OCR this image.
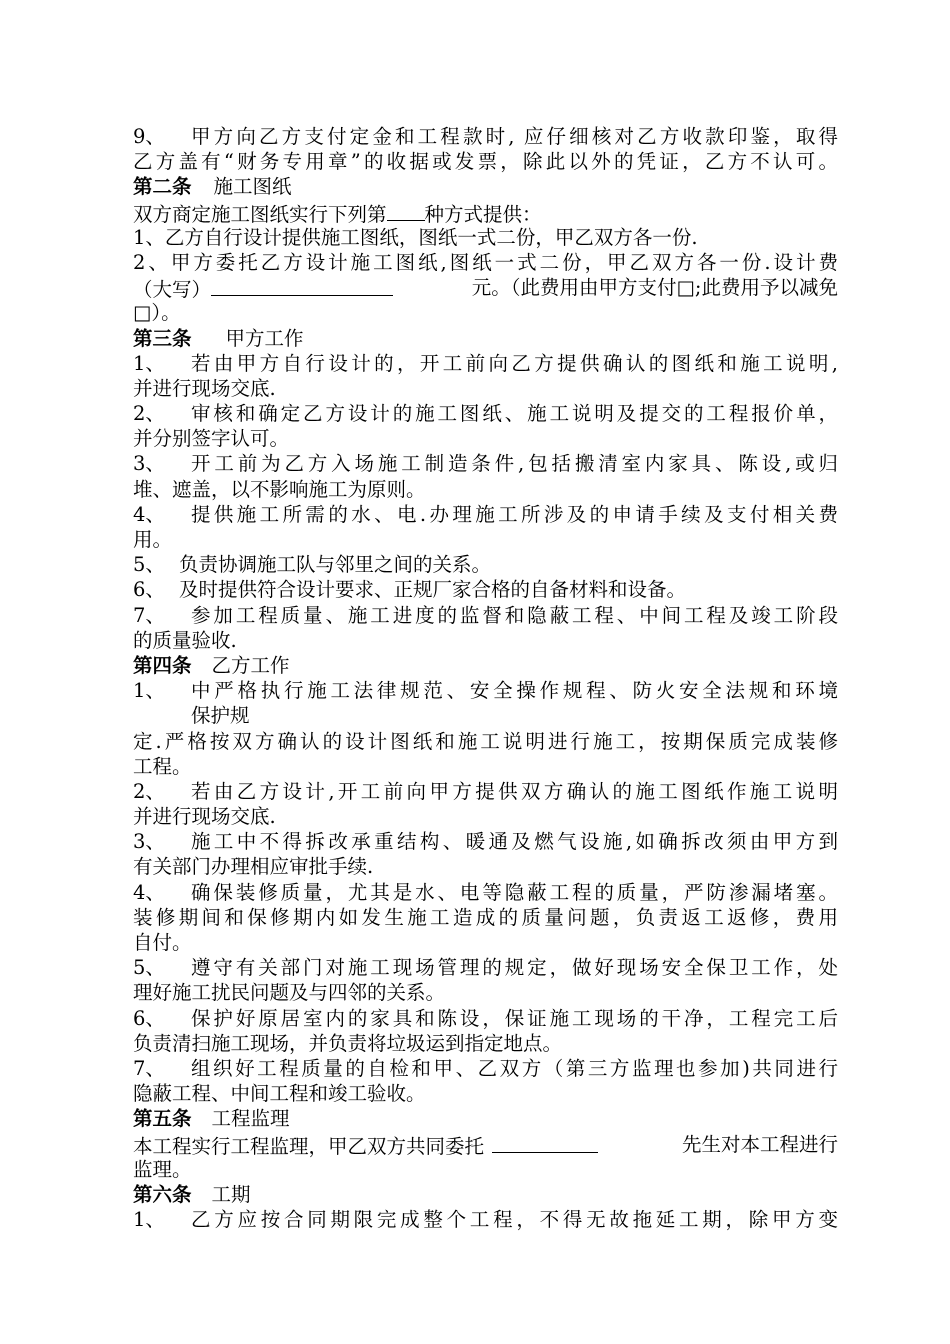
9、	甲方向乙方支付定金和工程款时, 应仔细核对乙方收款印鉴，取得
乙方盖有“财务专用章”的收据或发票，除此以外的凭证，乙方不认可。
第二条 施工图纸
双方商定施工图纸实行下列第 种方式提供：
1、乙方自行设计提供施工图纸，图纸一式二份，甲乙双方各一份.
2、甲方委托乙方设计施工图纸,图纸一式二份，甲乙双方各一份.设计费
（大写）	元。（此费用由甲方支付□;此费用予以减免
□）。
第三条 甲方工作
1、	若由甲方自行设计的，开工前向乙方提供确认的图纸和施工说明,
并进行现场交底.
2、	审核和确定乙方设计的施工图纸、施工说明及提交的工程报价单，
并分别签字认可。
3、	开工前为乙方入场施工制造条件,包括搬清室内家具、陈设,或归
堆、遮盖，以不影响施工为原则。
4、	提供施工所需的水、电.办理施工所涉及的申请手续及支付相关费
用。
5、 负责协调施工队与邻里之间的关系。
6、 及时提供符合设计要求、正规厂家合格的自备材料和设备。
7、	参加工程质量、施工进度的监督和隐蔽工程、中间工程及竣工阶段
的质量验收.
第四条 乙方工作
1、	中严格执行施工法律规范、安全操作规程、防火安全法规和环境
保护规
定.严格按双方确认的设计图纸和施工说明进行施工，按期保质完成装修
工程。
2、	若由乙方设计,开工前向甲方提供双方确认的施工图纸作施工说明
并进行现场交底.
3、	施工中不得拆改承重结构、暖通及燃气设施,如确拆改须由甲方到
有关部门办理相应审批手续.
4、	确保装修质量，尤其是水、电等隐蔽工程的质量，严防渗漏堵塞。
装修期间和保修期内如发生施工造成的质量问题，负责返工返修，费用
自付。
5、	遵守有关部门对施工现场管理的规定，做好现场安全保卫工作，处
理好施工扰民问题及与四邻的关系。
6、	保护好原居室内的家具和陈设，保证施工现场的干净，工程完工后
负责清扫施工现场，并负责将垃圾运到指定地点。
7、	组织好工程质量的自检和甲、乙双方（第三方监理也参加)共同进行
隐蔽工程、中间工程和竣工验收。
第五条 工程监理
本工程实行工程监理，甲乙双方共同委托	先生对本工程进行
监理。
第六条 工期
1、	乙方应按合同期限完成整个工程，不得无故拖延工期，除甲方变
